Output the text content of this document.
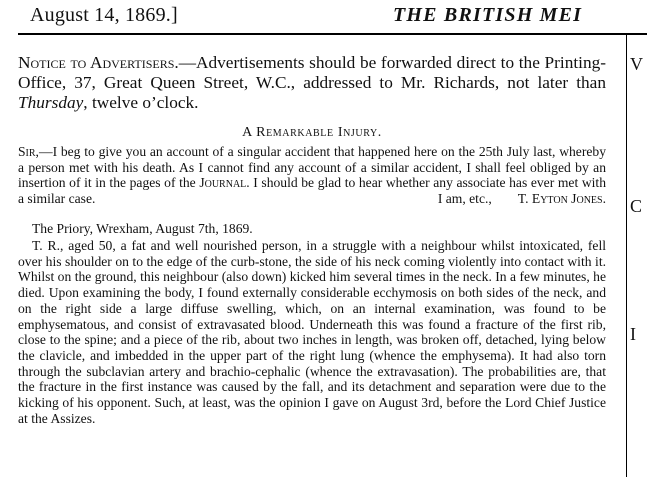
August 14, 1869.]	THE BRITISH MEI
V
C
I

Notice to Advertisers.—Advertisements should be forwarded direct to the Printing-Office, 37, Great Queen Street, W.C., addressed to Mr. Richards, not later than Thursday, twelve o’clock.

A Remarkable Injury.
Sir,—I beg to give you an account of a singular accident that happened here on the 25th July last, whereby a person met with his death. As I cannot find any account of a similar accident, I shall feel obliged by an insertion of it in the pages of the Journal. I should be glad to hear whether any associate has ever met with a similar case.	I am, etc., T. Eyton Jones.
The Priory, Wrexham, August 7th, 1869.

T. R., aged 50, a fat and well nourished person, in a struggle with a neighbour whilst intoxicated, fell over his shoulder on to the edge of the curb-stone, the side of his neck coming violently into contact with it. Whilst on the ground, this neighbour (also down) kicked him several times in the neck. In a few minutes, he died. Upon examining the body, I found externally considerable ecchymosis on both sides of the neck, and on the right side a large diffuse swelling, which, on an internal examination, was found to be emphysematous, and consist of extravasated blood. Underneath this was found a fracture of the first rib, close to the spine; and a piece of the rib, about two inches in length, was broken off, detached, lying below the clavicle, and imbedded in the upper part of the right lung (whence the emphysema). It had also torn through the subclavian artery and brachio-cephalic (whence the extravasation). The probabilities are, that the fracture in the first instance was caused by the fall, and its detachment and separation were due to the kicking of his opponent. Such, at least, was the opinion I gave on August 3rd, before the Lord Chief Justice at the Assizes.
